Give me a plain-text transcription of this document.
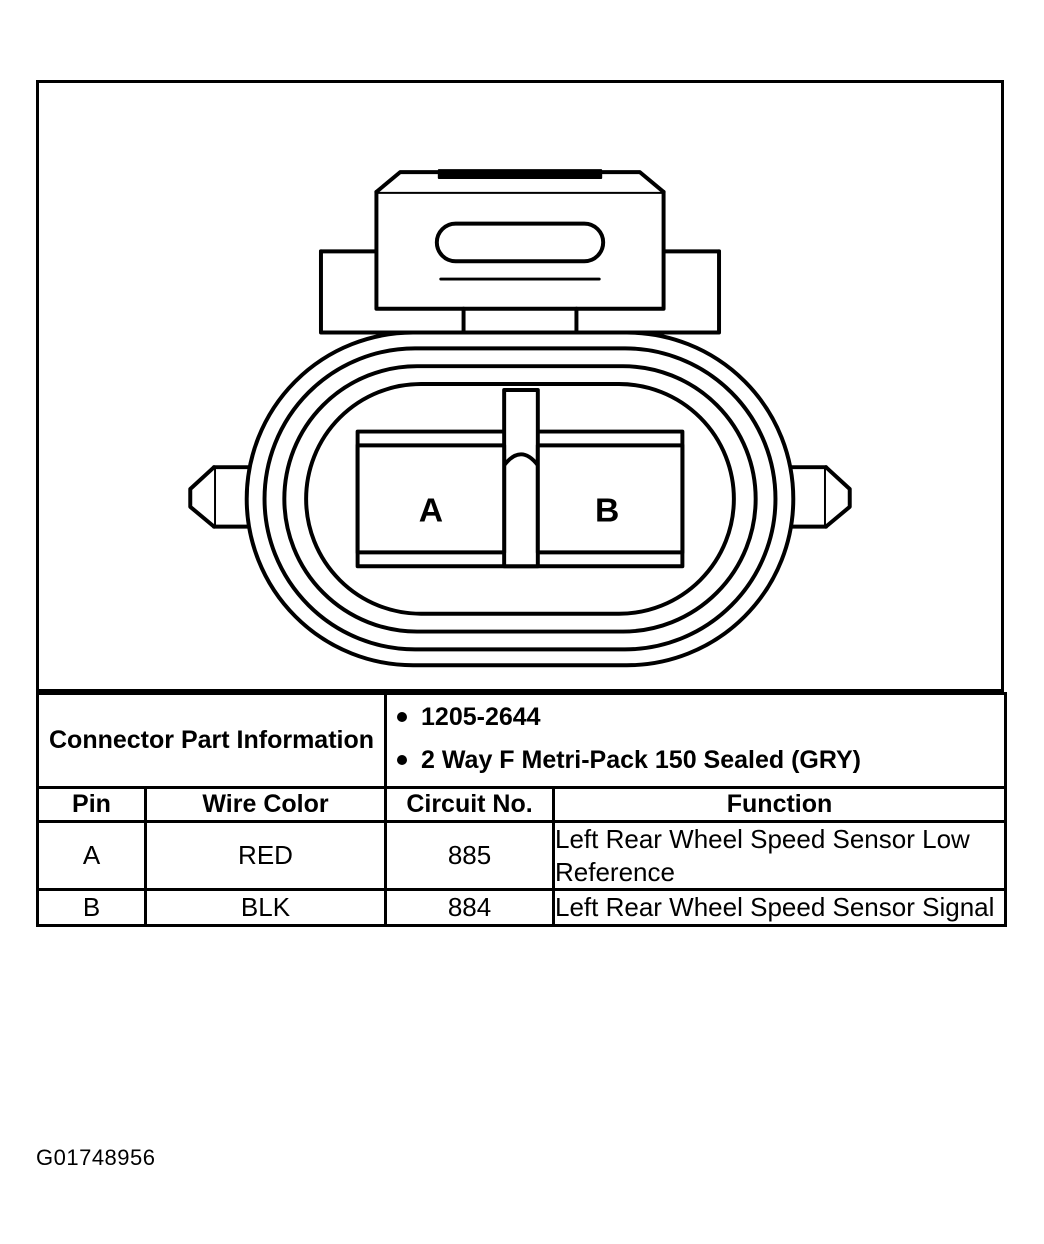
A	B
Connector Part Information	
1205-2644
2 Way F Metri-Pack 150 Sealed (GRY)

Pin	Wire Color	Circuit No.	Function
A	RED	885	Left Rear Wheel Speed Sensor Low Reference
B	BLK	884	Left Rear Wheel Speed Sensor Signal
G01748956
